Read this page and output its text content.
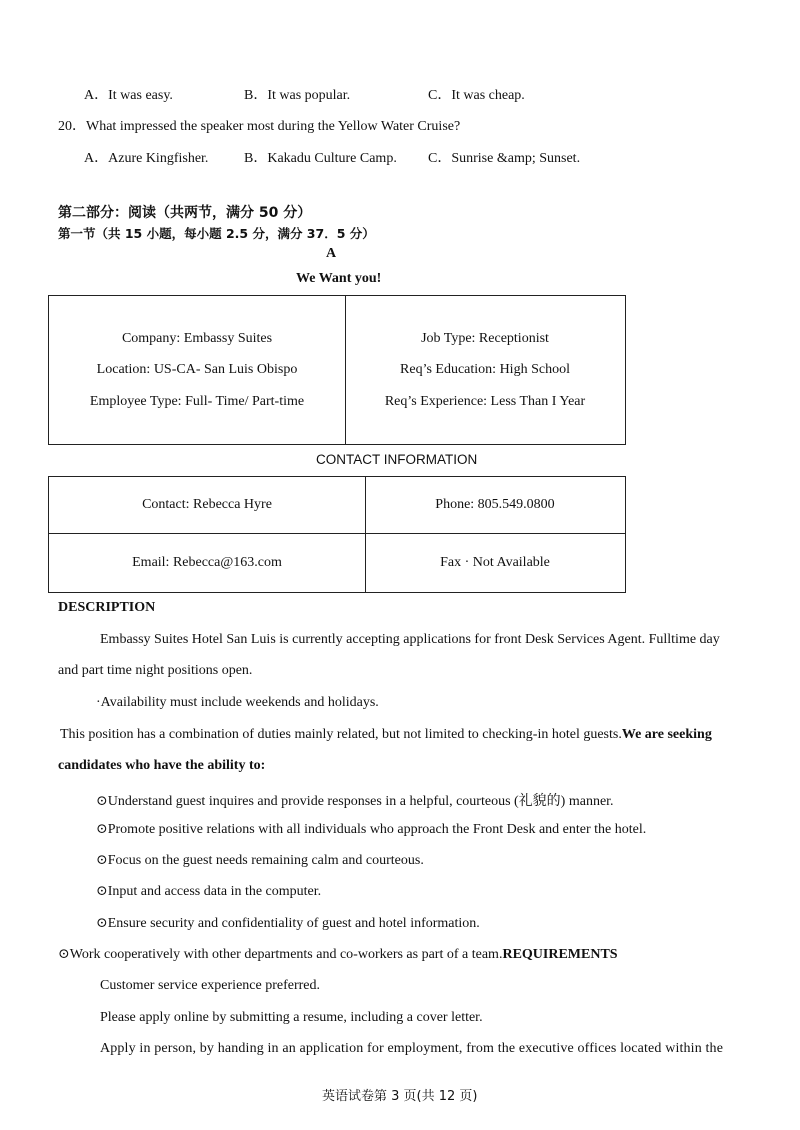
A．It was easy.	B．It was popular.	C．It was cheap.
20．What impressed the speaker most during the Yellow Water Cruise?
A．Azure Kingfisher.	B．Kakadu Culture Camp. C．Sunrise &amp; Sunset.
第二部分：阅读（共两节，满分 50 分）
第一节（共 15 小题，每小题 2.5 分，满分 37．5 分）
A
We Want you!
Company: Embassy Suites
Location: US-CA- San Luis Obispo
Employee Type: Full- Time/ Part-time
Job Type: Receptionist
Req’s Education: High School
Req’s Experience: Less Than I Year
CONTACT INFORMATION
Contact: Rebecca Hyre	Phone: 805.549.0800
Email: Rebecca@163.com	Fax · Not Available
DESCRIPTION
Embassy Suites Hotel San Luis is currently accepting applications for front Desk Services Agent. Fulltime day
and part time night positions open.
·Availability must include weekends and holidays.
This position has a combination of duties mainly related, but not limited to checking-in hotel guests.We are seeking
candidates who have the ability to:
⊙Understand guest inquires and provide responses in a helpful, courteous (礼貌的) manner.
⊙Promote positive relations with all individuals who approach the Front Desk and enter the hotel.
⊙Focus on the guest needs remaining calm and courteous.
⊙Input and access data in the computer.
⊙Ensure security and confidentiality of guest and hotel information.
⊙Work cooperatively with other departments and co-workers as part of a team.REQUIREMENTS
Customer service experience preferred.
Please apply online by submitting a resume, including a cover letter.
Apply in person, by handing in an application for employment, from the executive offices located within the
英语试卷第 3 页(共 12 页)
